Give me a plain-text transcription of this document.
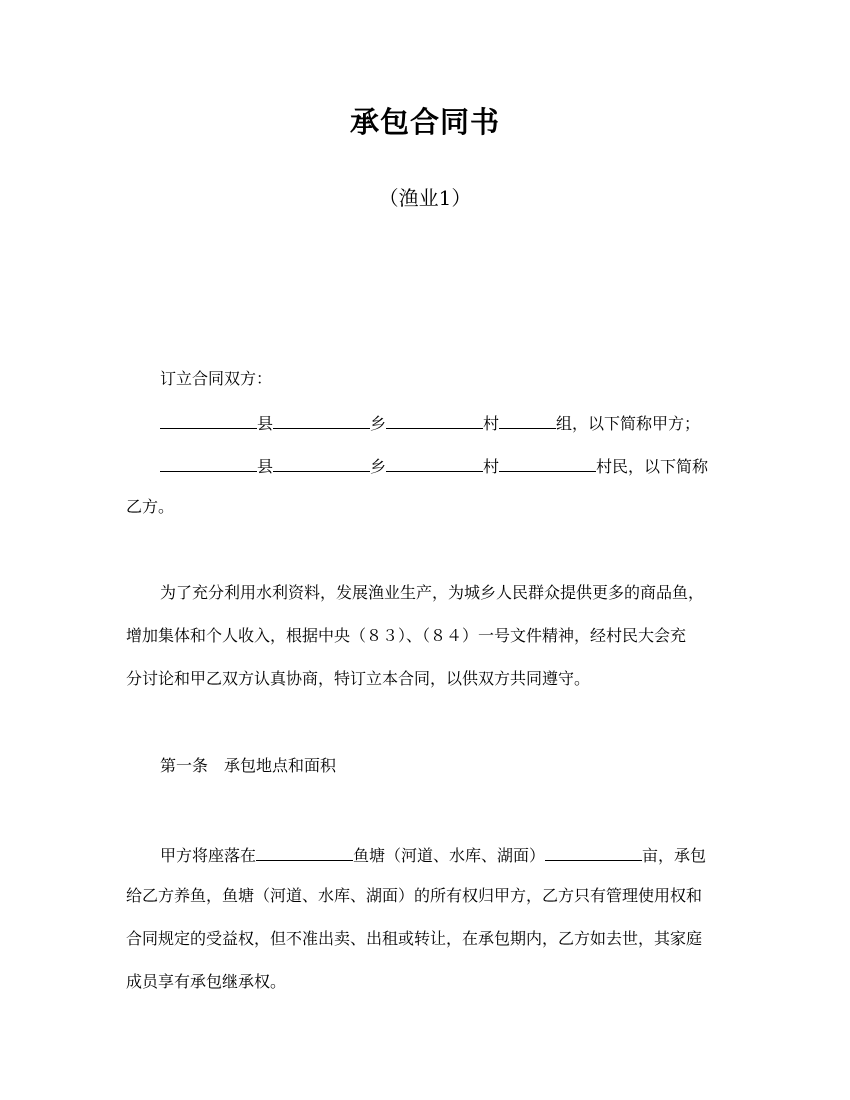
承包合同书
（渔业1）
订立合同双方：
县	乡	村	组，以下简称甲方；
县	乡	村	村民，以下简称
乙方。
为了充分利用水利资料，发展渔业生产，为城乡人民群众提供更多的商品鱼，
增加集体和个人收入，根据中央（８３）、（８４）一号文件精神，经村民大会充
分讨论和甲乙双方认真协商，特订立本合同，以供双方共同遵守。
第一条　承包地点和面积
甲方将座落在	鱼塘（河道、水库、湖面）	亩，承包
给乙方养鱼，鱼塘（河道、水库、湖面）的所有权归甲方，乙方只有管理使用权和
合同规定的受益权，但不准出卖、出租或转让，在承包期内，乙方如去世，其家庭
成员享有承包继承权。
